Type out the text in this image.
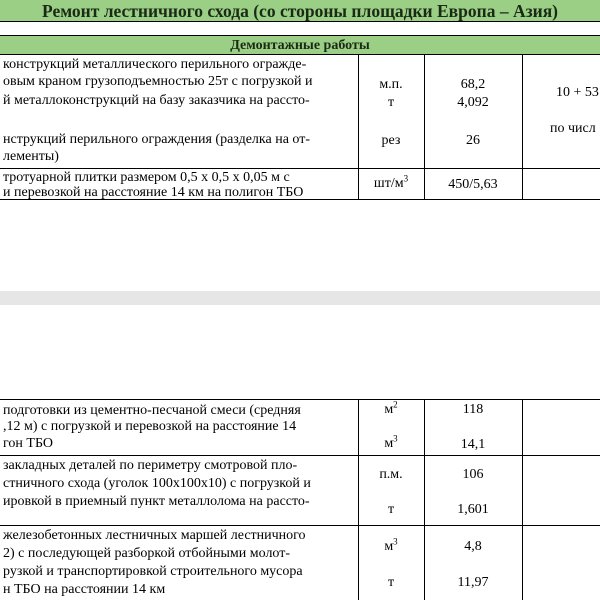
Ремонт лестничного схода (со стороны площадки Европа – Азия)
Демонтажные работы
конструкций металлического перильного огражде-
овым краном грузоподъемностью 25т с погрузкой и
й металлоконструкций на базу заказчика на рассто-
м.п.
т
68,2
4,092
10 + 53
по числ
нструкций перильного ограждения (разделка на от-
лементы)
рез	26
тротуарной плитки размером 0,5 х 0,5 х 0,05 м с
и перевозкой на расстояние 14 км на полигон ТБО
$шт/м^3$	450/5,63
подготовки из цементно-песчаной смеси (средняя
,12 м) с погрузкой и перевозкой на расстояние 14
гон ТБО
$м^2$
$м^3$
118
14,1
закладных деталей по периметру смотровой пло-
стничного схода (уголок 100х100х10) с погрузкой и
ировкой в приемный пункт металлолома на рассто-
п.м.
т
106
1,601
железобетонных лестничных маршей лестничного
2) с последующей разборкой отбойными молот-
рузкой и транспортировкой строительного мусора
н ТБО на расстоянии 14 км
$м^3$
т
4,8
11,97
